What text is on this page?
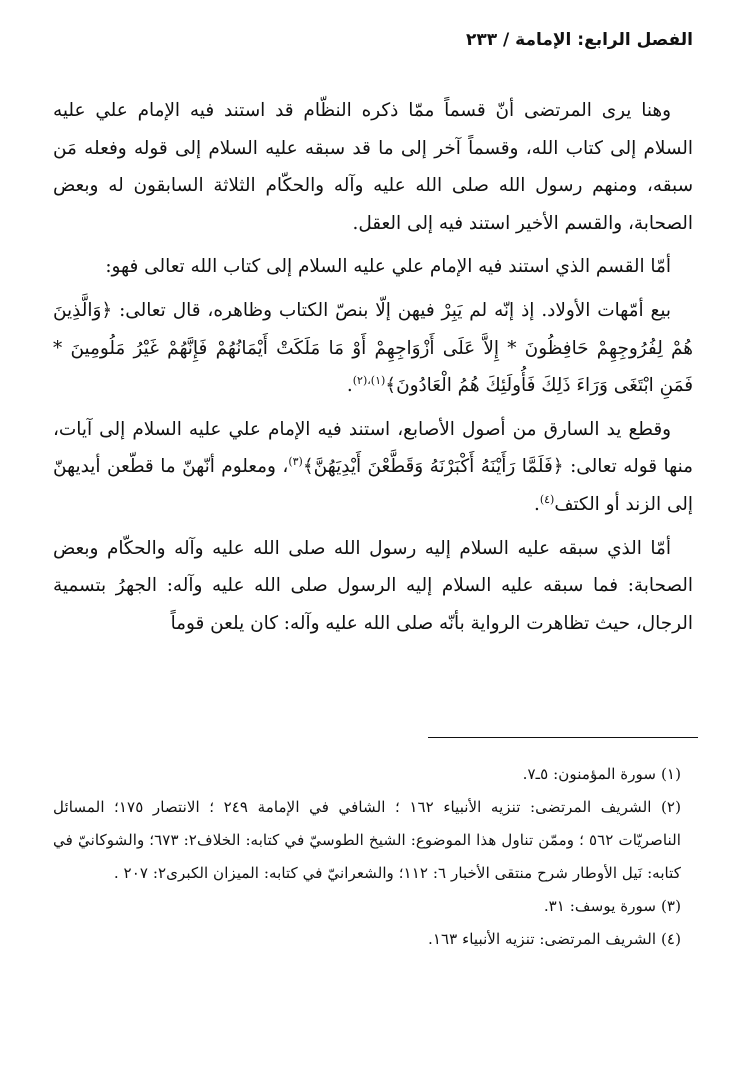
الفصل الرابع: الإمامة / ٢٣٣

وهنا يرى المرتضى أنّ قسماً ممّا ذكره النظّام قد استند فيه الإمام علي عليه السلام إلى كتاب الله، وقسماً آخر إلى ما قد سبقه عليه السلام إلى قوله وفعله مَن سبقه، ومنهم رسول الله صلى الله عليه وآله والحكّام الثلاثة السابقون له وبعض الصحابة، والقسم الأخير استند فيه إلى العقل.

أمّا القسم الذي استند فيه الإمام علي عليه السلام إلى كتاب الله تعالى فهو:

بيع أمّهات الأولاد. إذ إنّه لم يَبِرْ فيهن إلّا بنصّ الكتاب وظاهره، قال تعالى: ﴿وَالَّذِينَ هُمْ لِفُرُوجِهِمْ حَافِظُونَ * إِلاَّ عَلَى أَزْوَاجِهِمْ أَوْ مَا مَلَكَتْ أَيْمَانُهُمْ فَإِنَّهُمْ غَيْرُ مَلُومِينَ * فَمَنِ ابْتَغَى وَرَاءَ ذَلِكَ فَأُولَئِكَ هُمُ الْعَادُونَ﴾$^{(١)،(٢)}$.

وقطع يد السارق من أصول الأصابع، استند فيه الإمام علي عليه السلام إلى آيات، منها قوله تعالى: ﴿فَلَمَّا رَأَيْنَهُ أَكْبَرْنَهُ وَقَطَّعْنَ أَيْدِيَهُنَّ﴾$^{(٣)}$، ومعلوم أنّهنّ ما قطّعن أيديهنّ إلى الزند أو الكتف$^{(٤)}$.

أمّا الذي سبقه عليه السلام إليه رسول الله صلى الله عليه وآله والحكّام وبعض الصحابة: فما سبقه عليه السلام إليه الرسول صلى الله عليه وآله: الجهرُ بتسمية الرجال، حيث تظاهرت الرواية بأنّه صلى الله عليه وآله: كان يلعن قوماً

(١) سورة المؤمنون: ٥ـ٧.

(٢) الشريف المرتضى: تنزيه الأنبياء ١٦٢ ؛ الشافي في الإمامة ٢٤٩ ؛ الانتصار ١٧٥؛ المسائل الناصريّات ٥٦٢ ؛ وممّن تناول هذا الموضوع: الشيخ الطوسيّ في كتابه: الخلاف٢: ٦٧٣؛ والشوكانيّ في كتابه: نَيل الأوطار شرح منتقى الأخبار ٦: ١١٢؛ والشعرانيّ في كتابه: الميزان الكبرى٢: ٢٠٧ .

(٣) سورة يوسف: ٣١.

(٤) الشريف المرتضى: تنزيه الأنبياء ١٦٣.
